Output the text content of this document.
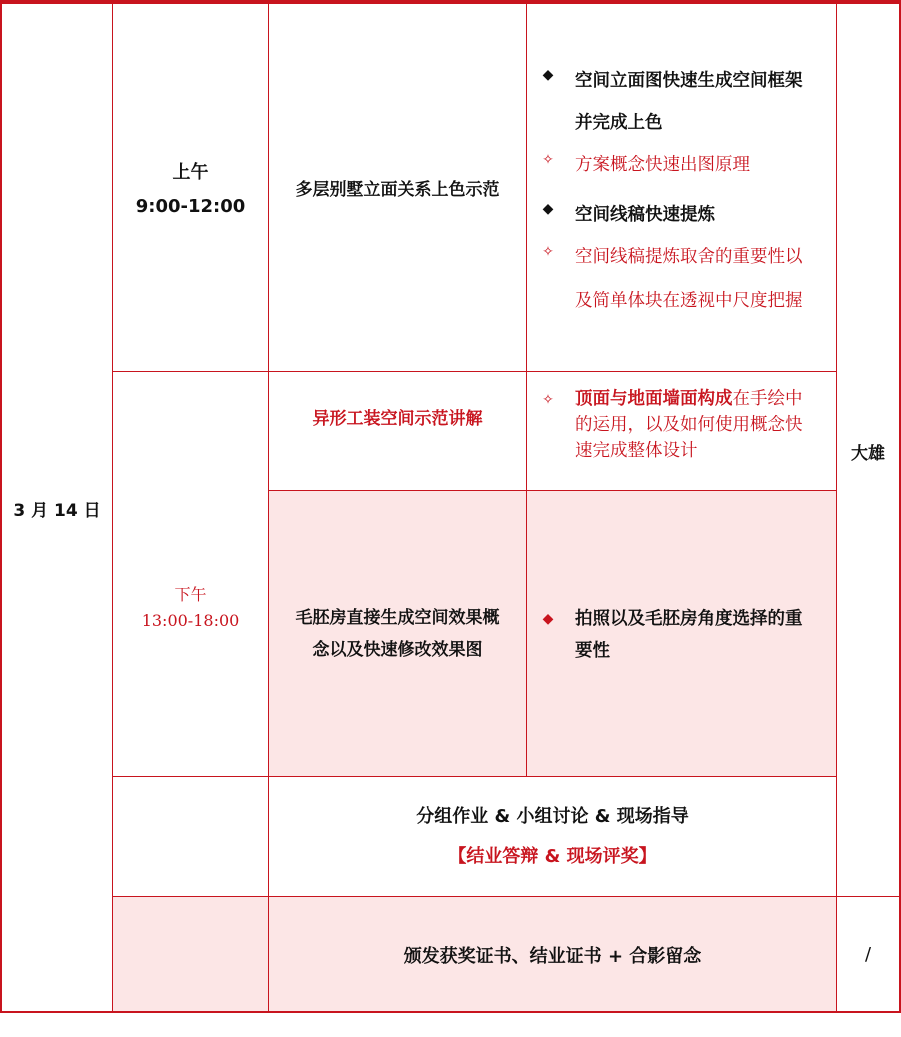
3 月 14 日
上午
9:00-12:00
多层别墅立面关系上色示范
◆ 空间立面图快速生成空间框架
并完成上色
✧ 方案概念快速出图原理
◆ 空间线稿快速提炼
✧ 空间线稿提炼取舍的重要性以
及简单体块在透视中尺度把握
下午
13:00-18:00
异形工装空间示范讲解
✧ 顶面与地面墙面构成在手绘中
的运用，以及如何使用概念快
速完成整体设计
毛胚房直接生成空间效果概
念以及快速修改效果图
◆ 拍照以及毛胚房角度选择的重
要性
大雄
分组作业 & 小组讨论 & 现场指导
【结业答辩 & 现场评奖】
颁发获奖证书、结业证书 + 合影留念	/
